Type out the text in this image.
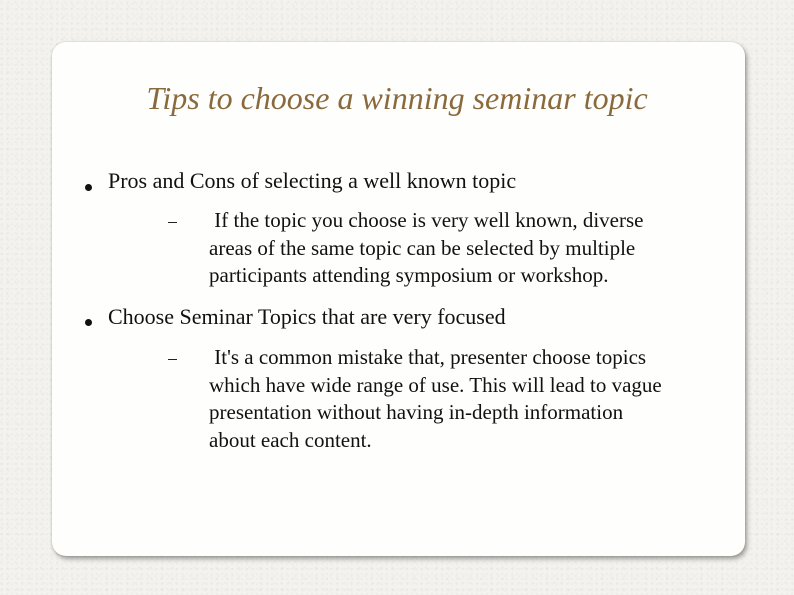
Tips to choose a winning seminar topic
Pros and Cons of selecting a well known topic
If the topic you choose is very well known, diverse
areas of the same topic can be selected by multiple
participants attending symposium or workshop.
Choose Seminar Topics that are very focused
It's a common mistake that, presenter choose topics
which have wide range of use. This will lead to vague
presentation without having in-depth information
about each content.
